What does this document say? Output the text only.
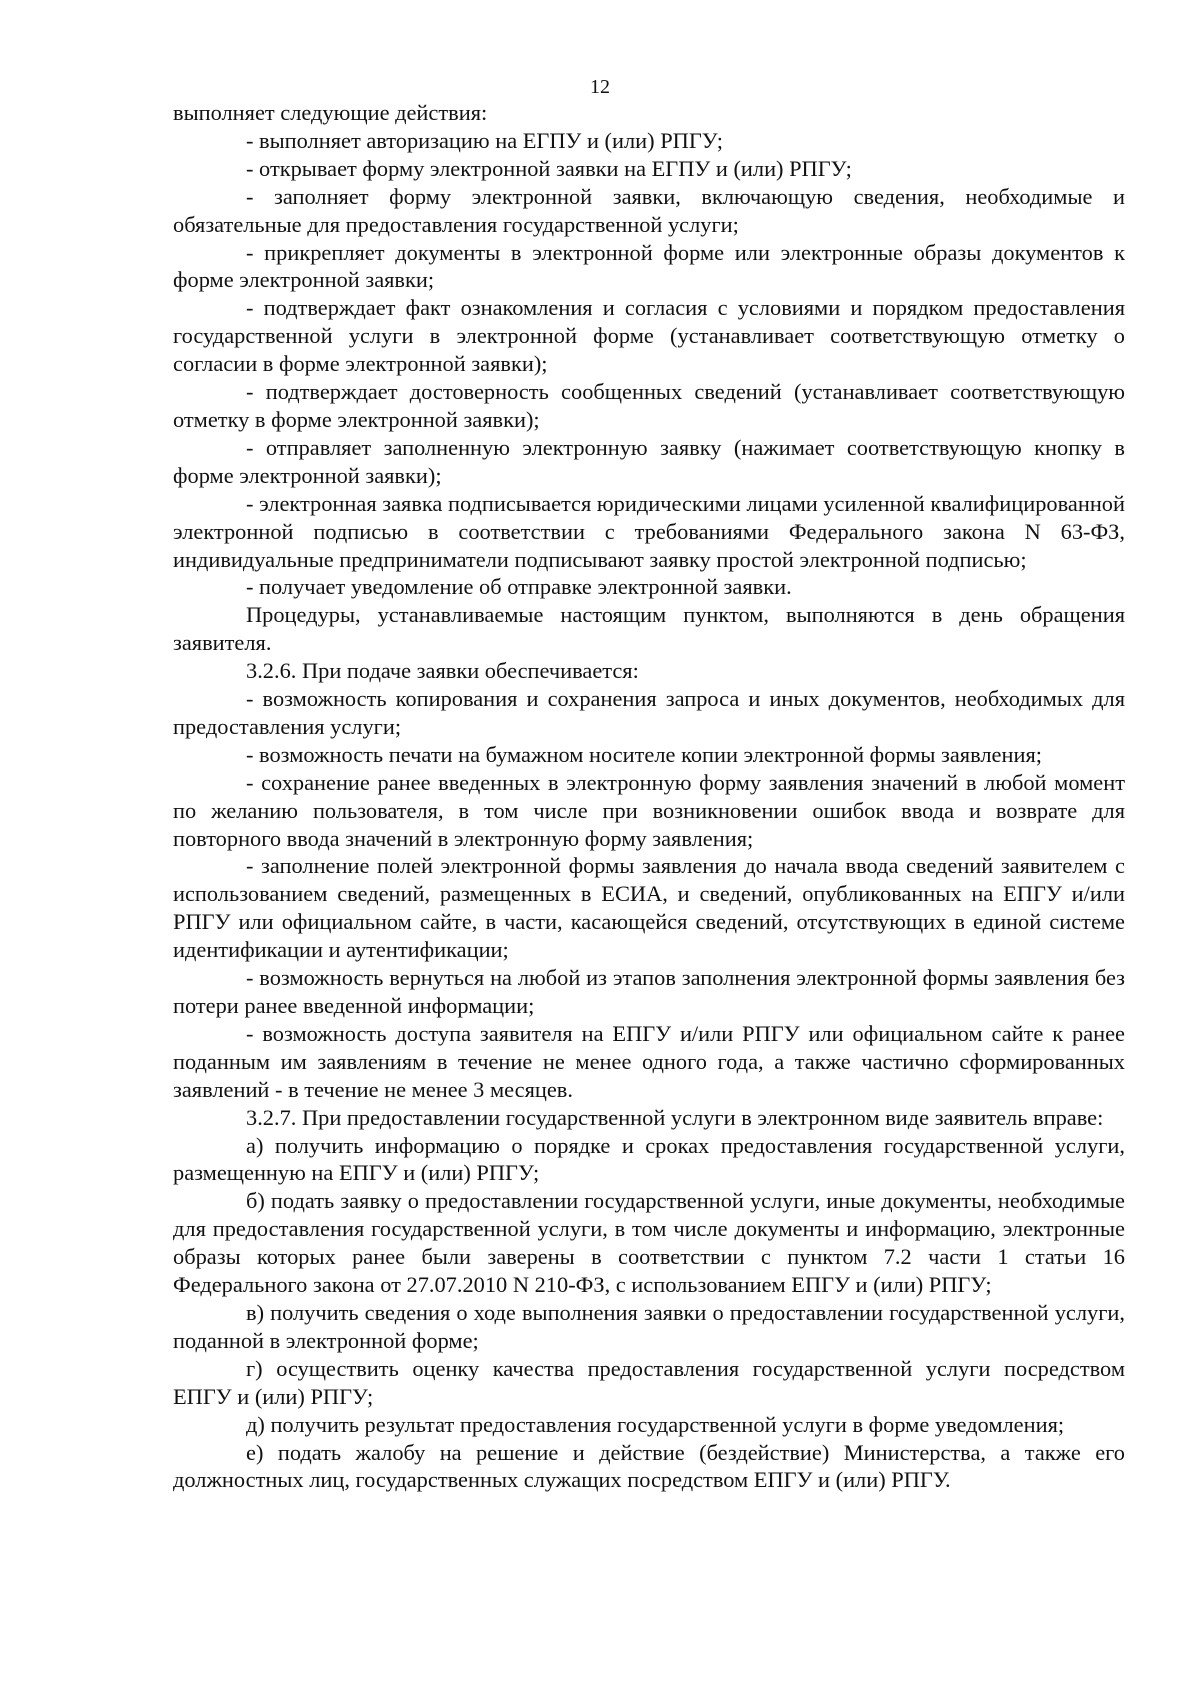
12

выполняет следующие действия:

- выполняет авторизацию на ЕГПУ и (или) РПГУ;

- открывает форму электронной заявки на ЕГПУ и (или) РПГУ;

- заполняет форму электронной заявки, включающую сведения, необходимые и обязательные для предоставления государственной услуги;

- прикрепляет документы в электронной форме или электронные образы документов к форме электронной заявки;

- подтверждает факт ознакомления и согласия с условиями и порядком предоставления государственной услуги в электронной форме (устанавливает соответствующую отметку о согласии в форме электронной заявки);

- подтверждает достоверность сообщенных сведений (устанавливает соответствующую отметку в форме электронной заявки);

- отправляет заполненную электронную заявку (нажимает соответствующую кнопку в форме электронной заявки);

- электронная заявка подписывается юридическими лицами усиленной квалифицированной электронной подписью в соответствии с требованиями Федерального закона N 63-ФЗ, индивидуальные предприниматели подписывают заявку простой электронной подписью;

- получает уведомление об отправке электронной заявки.

Процедуры, устанавливаемые настоящим пунктом, выполняются в день обращения заявителя.

3.2.6. При подаче заявки обеспечивается:

- возможность копирования и сохранения запроса и иных документов, необходимых для предоставления услуги;

- возможность печати на бумажном носителе копии электронной формы заявления;

- сохранение ранее введенных в электронную форму заявления значений в любой момент по желанию пользователя, в том числе при возникновении ошибок ввода и возврате для повторного ввода значений в электронную форму заявления;

- заполнение полей электронной формы заявления до начала ввода сведений заявителем с использованием сведений, размещенных в ЕСИА, и сведений, опубликованных на ЕПГУ и/или РПГУ или официальном сайте, в части, касающейся сведений, отсутствующих в единой системе идентификации и аутентификации;

- возможность вернуться на любой из этапов заполнения электронной формы заявления без потери ранее введенной информации;

- возможность доступа заявителя на ЕПГУ и/или РПГУ или официальном сайте к ранее поданным им заявлениям в течение не менее одного года, а также частично сформированных заявлений - в течение не менее 3 месяцев.

3.2.7. При предоставлении государственной услуги в электронном виде заявитель вправе:

а) получить информацию о порядке и сроках предоставления государственной услуги, размещенную на ЕПГУ и (или) РПГУ;

б) подать заявку о предоставлении государственной услуги, иные документы, необходимые для предоставления государственной услуги, в том числе документы и информацию, электронные образы которых ранее были заверены в соответствии с пунктом 7.2 части 1 статьи 16 Федерального закона от 27.07.2010 N 210-ФЗ, с использованием ЕПГУ и (или) РПГУ;

в) получить сведения о ходе выполнения заявки о предоставлении государственной услуги, поданной в электронной форме;

г) осуществить оценку качества предоставления государственной услуги посредством ЕПГУ и (или) РПГУ;

д) получить результат предоставления государственной услуги в форме уведомления;

е) подать жалобу на решение и действие (бездействие) Министерства, а также его должностных лиц, государственных служащих посредством ЕПГУ и (или) РПГУ.
